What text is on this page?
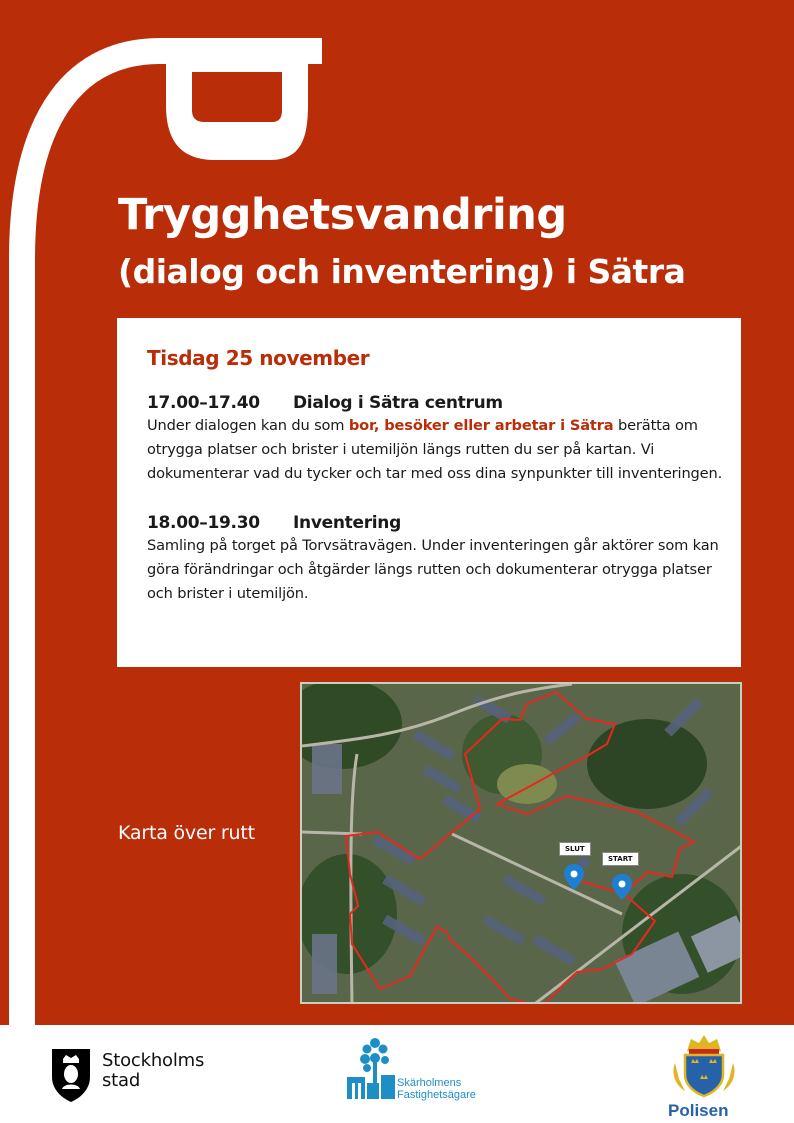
Trygghetsvandring
(dialog och inventering) i Sätra
Tisdag 25 november
17.00–17.40 Dialog i Sätra centrum
Under dialogen kan du som bor, besöker eller arbetar i Sätra berätta om otrygga platser och brister i utemiljön längs rutten du ser på kartan. Vi dokumenterar vad du tycker och tar med oss dina synpunkter till inventeringen.
18.00–19.30 Inventering
Samling på torget på Torvsätravägen. Under inventeringen går aktörer som kan göra förändringar och åtgärder längs rutten och dokumenterar otrygga platser och brister i utemiljön.
Karta över rutt
SLUT
START
Stockholms
stad	Skärholmens
Fastighetsägare
Polisen
